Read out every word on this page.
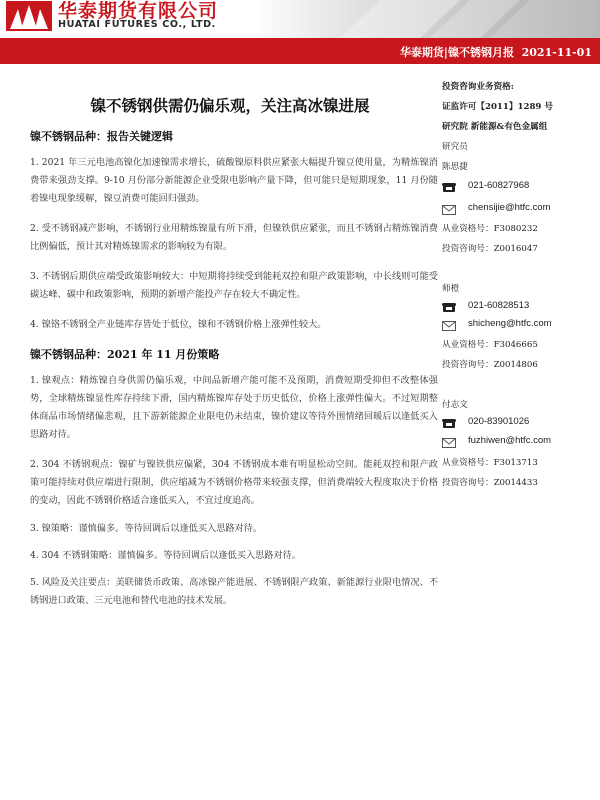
华泰期货有限公司
HUATAI FUTURES CO., LTD.
华泰期货|镍不锈钢月报 2021-11-01
镍不锈钢供需仍偏乐观，关注高冰镍进展
镍不锈钢品种：报告关键逻辑

1. 2021 年三元电池高镍化加速镍需求增长，硫酸镍原料供应紧张大幅提升镍豆使用量，为精炼镍消费带来强劲支撑。9-10 月份部分新能源企业受限电影响产量下降，但可能只是短期现象，11 月份随着镍电现象缓解，镍豆消费可能回归强劲。

2. 受不锈钢减产影响，不锈钢行业用精炼镍量有所下滑，但镍铁供应紧张，而且不锈钢占精炼镍消费比例偏低，预计其对精炼镍需求的影响较为有限。

3. 不锈钢后期供应端受政策影响较大：中短期将持续受到能耗双控和限产政策影响，中长线则可能受碳达峰、碳中和政策影响，预期的新增产能投产存在较大不确定性。

4. 镍铬不锈钢全产业链库存皆处于低位，镍和不锈钢价格上涨弹性较大。

镍不锈钢品种：2021 年 11 月份策略

1. 镍观点：精炼镍自身供需仍偏乐观，中间品新增产能可能不及预期，消费短期受抑但不改整体强势，全球精炼镍显性库存持续下滑，国内精炼镍库存处于历史低位，价格上涨弹性偏大。不过短期整体商品市场情绪偏悲观，且下游新能源企业限电仍未结束，镍价建议等待外围情绪回暖后以逢低买入思路对待。

2. 304 不锈钢观点：镍矿与镍铁供应偏紧，304 不锈钢成本难有明显松动空间。能耗双控和限产政策可能持续对供应端进行限制，供应缩减为不锈钢价格带来较强支撑，但消费端较大程度取决于价格的变动，因此不锈钢价格适合逢低买入，不宜过度追高。

3. 镍策略：谨慎偏多。等待回调后以逢低买入思路对待。

4. 304 不锈钢策略：谨慎偏多。等待回调后以逢低买入思路对待。

5. 风险及关注要点：美联储货币政策、高冰镍产能进展、不锈钢限产政策、新能源行业限电情况、不锈钢进口政策、三元电池和替代电池的技术发展。

投资咨询业务资格:
证监许可【2011】1289 号
研究院 新能源&有色金属组
研究员
陈思捷
021-60827968
chensijie@htfc.com
从业资格号：F3080232
投资咨询号：Z0016047
师橙
021-60828513
shicheng@htfc.com
从业资格号：F3046665
投资咨询号：Z0014806
付志文
020-83901026
fuzhiwen@htfc.com
从业资格号：F3013713
投资咨询号：Z0014433
